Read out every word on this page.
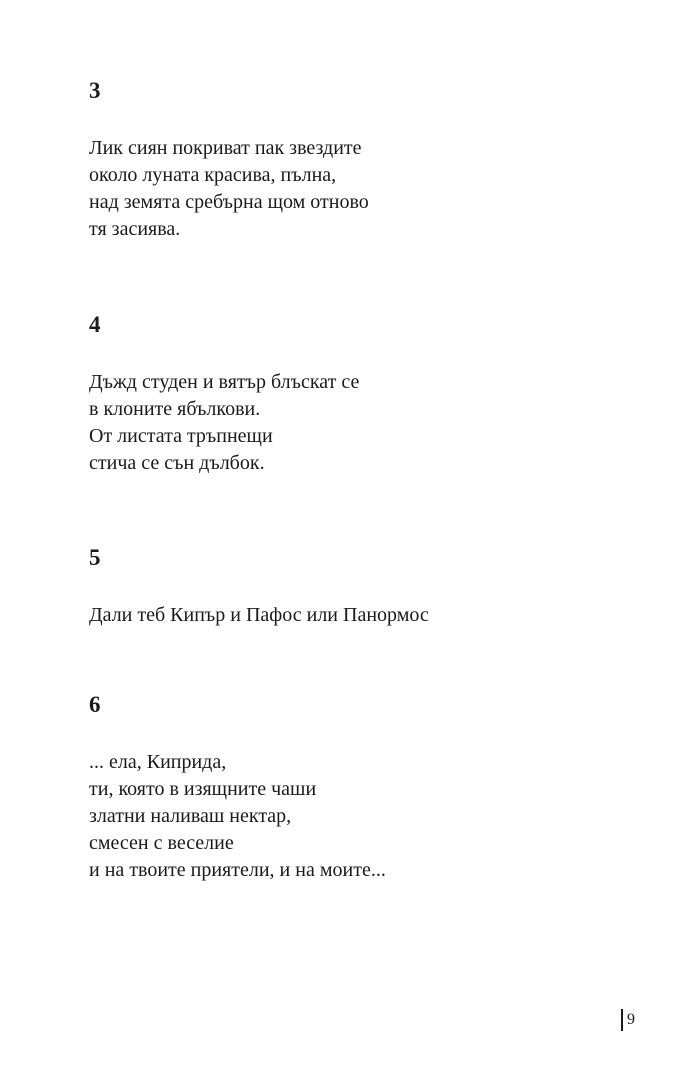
3
Лик сиян покриват пак звездите
около луната красива, пълна,
над земята сребърна щом отново
тя засиява.
4
Дъжд студен и вятър блъскат се
в клоните ябълкови.
От листата тръпнещи
стича се сън дълбок.
5
Дали теб Кипър и Пафос или Панормос
6
... ела, Киприда,
ти, която в изящните чаши
златни наливаш нектар,
смесен с веселие
и на твоите приятели, и на моите...
9
